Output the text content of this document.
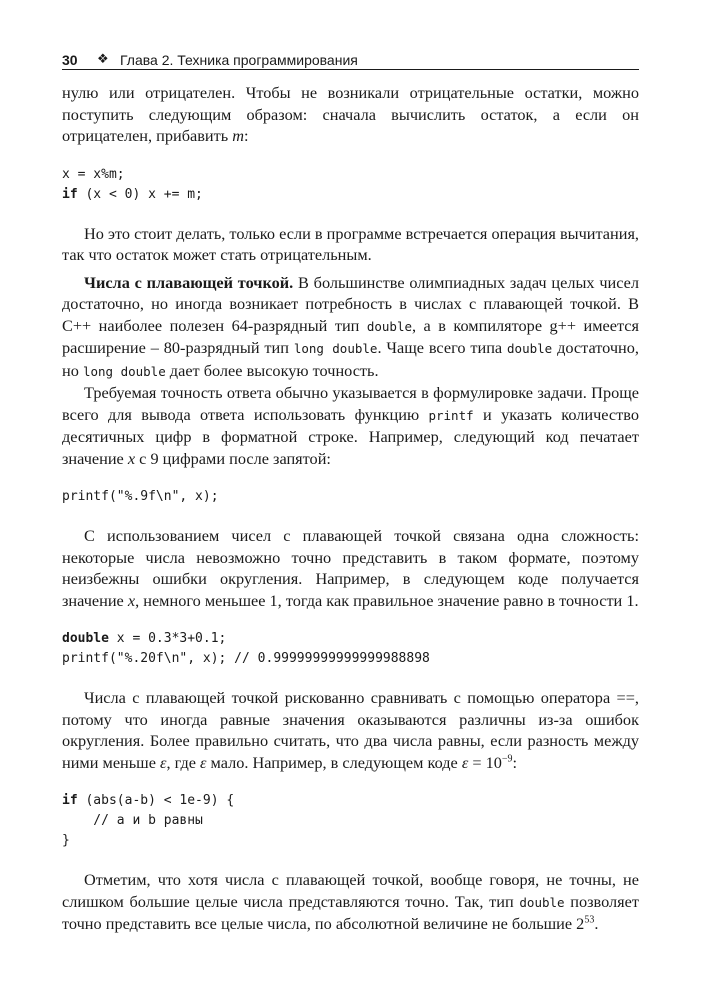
30 ❖ Глава 2. Техника программирования

нулю или отрицателен. Чтобы не возникали отрицательные остатки, можно поступить следующим образом: сначала вычислить остаток, а если он отрицателен, прибавить m:

x = x%m;
if (x < 0) x += m;

Но это стоит делать, только если в программе встречается операция вычитания, так что остаток может стать отрицательным.

Числа с плавающей точкой. В большинстве олимпиадных задач целых чисел достаточно, но иногда возникает потребность в числах с плавающей точкой. В C++ наиболее полезен 64-разрядный тип double, а в компиляторе g++ имеется расширение – 80-разрядный тип long double. Чаще всего типа double достаточно, но long double дает более высокую точность.

Требуемая точность ответа обычно указывается в формулировке задачи. Проще всего для вывода ответа использовать функцию printf и указать количество десятичных цифр в форматной строке. Например, следующий код печатает значение x с 9 цифрами после запятой:

printf("%.9f\n", x);

С использованием чисел с плавающей точкой связана одна сложность: некоторые числа невозможно точно представить в таком формате, поэтому неизбежны ошибки округления. Например, в следующем коде получается значение x, немного меньшее 1, тогда как правильное значение равно в точности 1.

double x = 0.3*3+0.1;
printf("%.20f\n", x); // 0.99999999999999988898

Числа с плавающей точкой рискованно сравнивать с помощью оператора ==, потому что иногда равные значения оказываются различны из-за ошибок округления. Более правильно считать, что два числа равны, если разность между ними меньше ε, где ε мало. Например, в следующем коде $\varepsilon = 10^{-9}$:

if (abs(a-b) < 1e-9) {
// a и b равны
}

Отметим, что хотя числа с плавающей точкой, вообще говоря, не точны, не слишком большие целые числа представляются точно. Так, тип double позволяет точно представить все целые числа, по абсолютной величине не большие $2^{53}$.
